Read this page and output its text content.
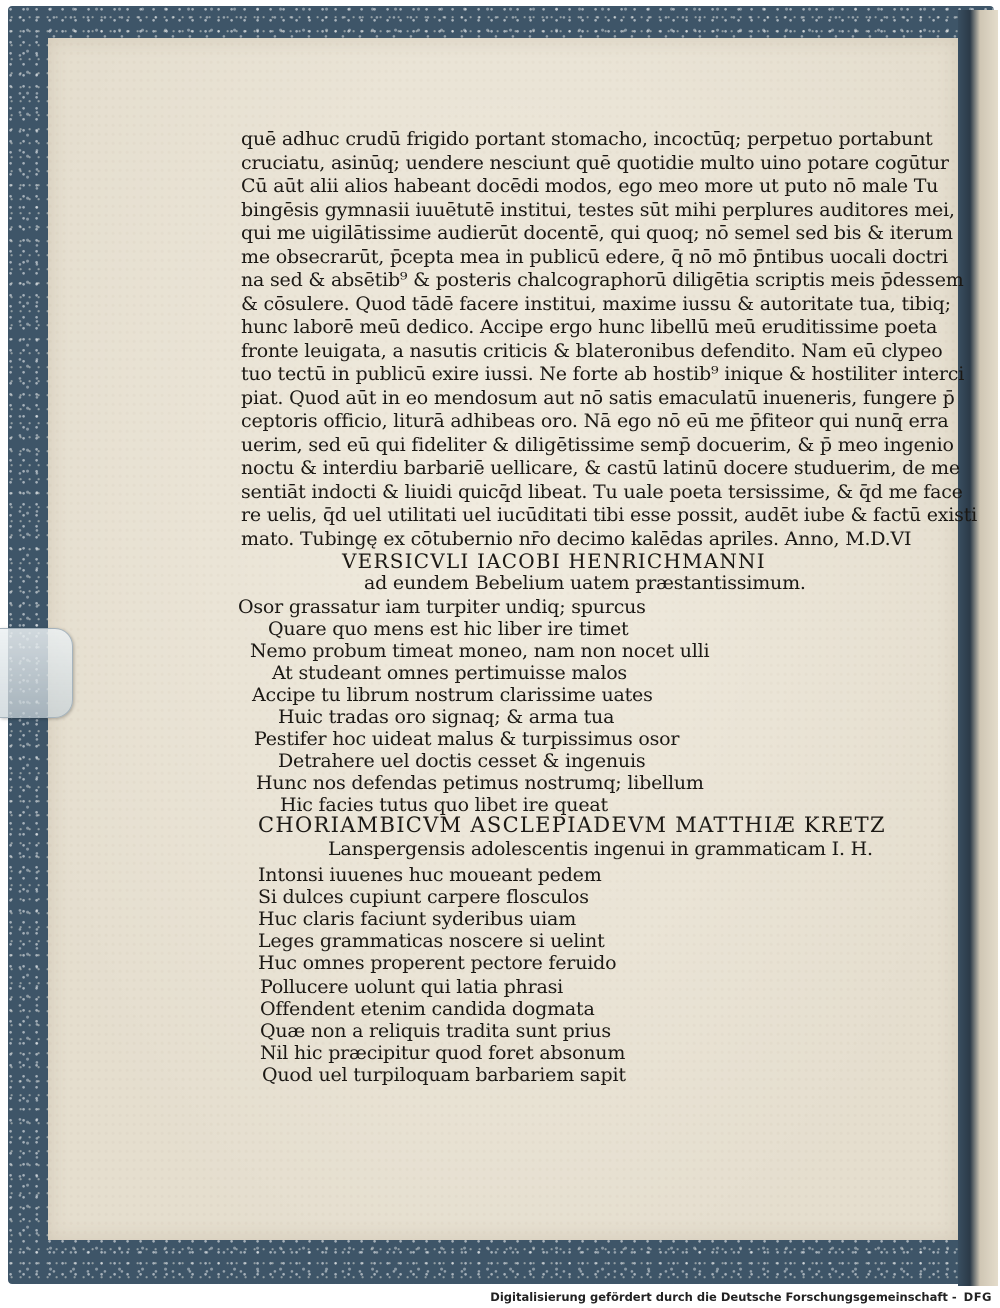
quē adhuc crudū frigido portant stomacho, incoctūq; perpetuo portabunt
cruciatu, asinūq; uendere nesciunt quē quotidie multo uino potare cogūtur
Cū aūt alii alios habeant docēdi modos, ego meo more ut puto nō male Tu
bingēsis gymnasii iuuētutē institui, testes sūt mihi perplures auditores mei,
qui me uigilātissime audierūt docentē, qui quoq; nō semel sed bis & iterum
me obsecrarūt, p̄cepta mea in publicū edere, q̄ nō mō p̄ntibus uocali doctri
na sed & absētib⁹ & posteris chalcographorū diligētia scriptis meis p̄dessem
& cōsulere. Quod tādē facere institui, maxime iussu & autoritate tua, tibiq;
hunc laborē meū dedico. Accipe ergo hunc libellū meū eruditissime poeta
fronte leuigata, a nasutis criticis & blateronibus defendito. Nam eū clypeo
tuo tectū in publicū exire iussi. Ne forte ab hostib⁹ inique & hostiliter interci
piat. Quod aūt in eo mendosum aut nō satis emaculatū inueneris, fungere p̄
ceptoris officio, liturā adhibeas oro. Nā ego nō eū me p̄fiteor qui nunq̄ erra
uerim, sed eū qui fideliter & diligētissime semp̄ docuerim, & p̄ meo ingenio
noctu & interdiu barbariē uellicare, & castū latinū docere studuerim, de me
sentiāt indocti & liuidi quicq̄d libeat. Tu uale poeta tersissime, & q̄d me face
re uelis, q̄d uel utilitati uel iucūditati tibi esse possit, audēt iube & factū existi
mato. Tubingę ex cōtubernio nr̄o decimo kalēdas apriles. Anno, M.D.VI
VERSICVLI IACOBI HENRICHMANNI
ad eundem Bebelium uatem præstantissimum.
Osor grassatur iam turpiter undiq; spurcus
Quare quo mens est hic liber ire timet
Nemo probum timeat moneo, nam non nocet ulli
At studeant omnes pertimuisse malos
Accipe tu librum nostrum clarissime uates
Huic tradas oro signaq; & arma tua
Pestifer hoc uideat malus & turpissimus osor
Detrahere uel doctis cesset & ingenuis
Hunc nos defendas petimus nostrumq; libellum
Hic facies tutus quo libet ire queat
CHORIAMBICVM ASCLEPIADEVM MATTHIÆ KRETZ
Lanspergensis adolescentis ingenui in grammaticam I. H.
Intonsi iuuenes huc moueant pedem
Si dulces cupiunt carpere flosculos
Huc claris faciunt syderibus uiam
Leges grammaticas noscere si uelint
Huc omnes properent pectore feruido
Pollucere uolunt qui latia phrasi
Offendent etenim candida dogmata
Quæ non a reliquis tradita sunt prius
Nil hic præcipitur quod foret absonum
Quod uel turpiloquam barbariem sapit
Digitalisierung gefördert durch die Deutsche Forschungsgemeinschaft - DFG
